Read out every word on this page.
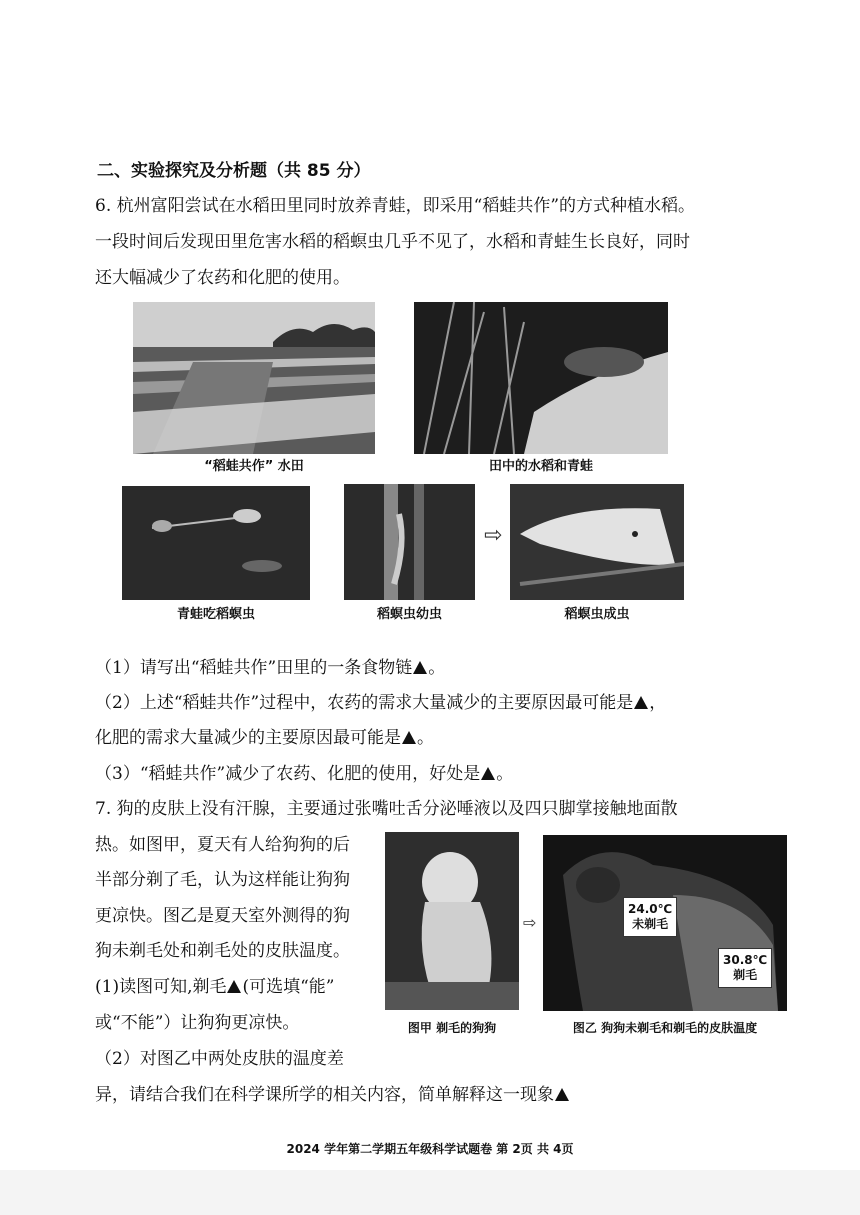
二、实验探究及分析题（共 85 分）
6. 杭州富阳尝试在水稻田里同时放养青蛙，即采用“稻蛙共作”的方式种植水稻。
一段时间后发现田里危害水稻的稻螟虫几乎不见了，水稻和青蛙生长良好，同时
还大幅减少了农药和化肥的使用。
“稻蛙共作” 水田	田中的水稻和青蛙
青蛙吃稻螟虫	稻螟虫幼虫
⇨
稻螟虫成虫
（1）请写出“稻蛙共作”田里的一条食物链 。
（2）上述“稻蛙共作”过程中，农药的需求大量减少的主要原因最可能是 ，
化肥的需求大量减少的主要原因最可能是 。
（3）“稻蛙共作”减少了农药、化肥的使用，好处是 。
7. 狗的皮肤上没有汗腺，主要通过张嘴吐舌分泌唾液以及四只脚掌接触地面散
热。如图甲，夏天有人给狗狗的后
半部分剃了毛，认为这样能让狗狗
更凉快。图乙是夏天室外测得的狗
狗未剃毛处和剃毛处的皮肤温度。
(1)读图可知,剃毛 (可选填“能”
或“不能”）让狗狗更凉快。
（2）对图乙中两处皮肤的温度差
异，请结合我们在科学课所学的相关内容，简单解释这一现象
图甲 剃毛的狗狗
⇨
24.0℃
未剃毛
30.8℃
剃毛
图乙 狗狗未剃毛和剃毛的皮肤温度
2024 学年第二学期五年级科学试题卷 第 2页 共 4页
